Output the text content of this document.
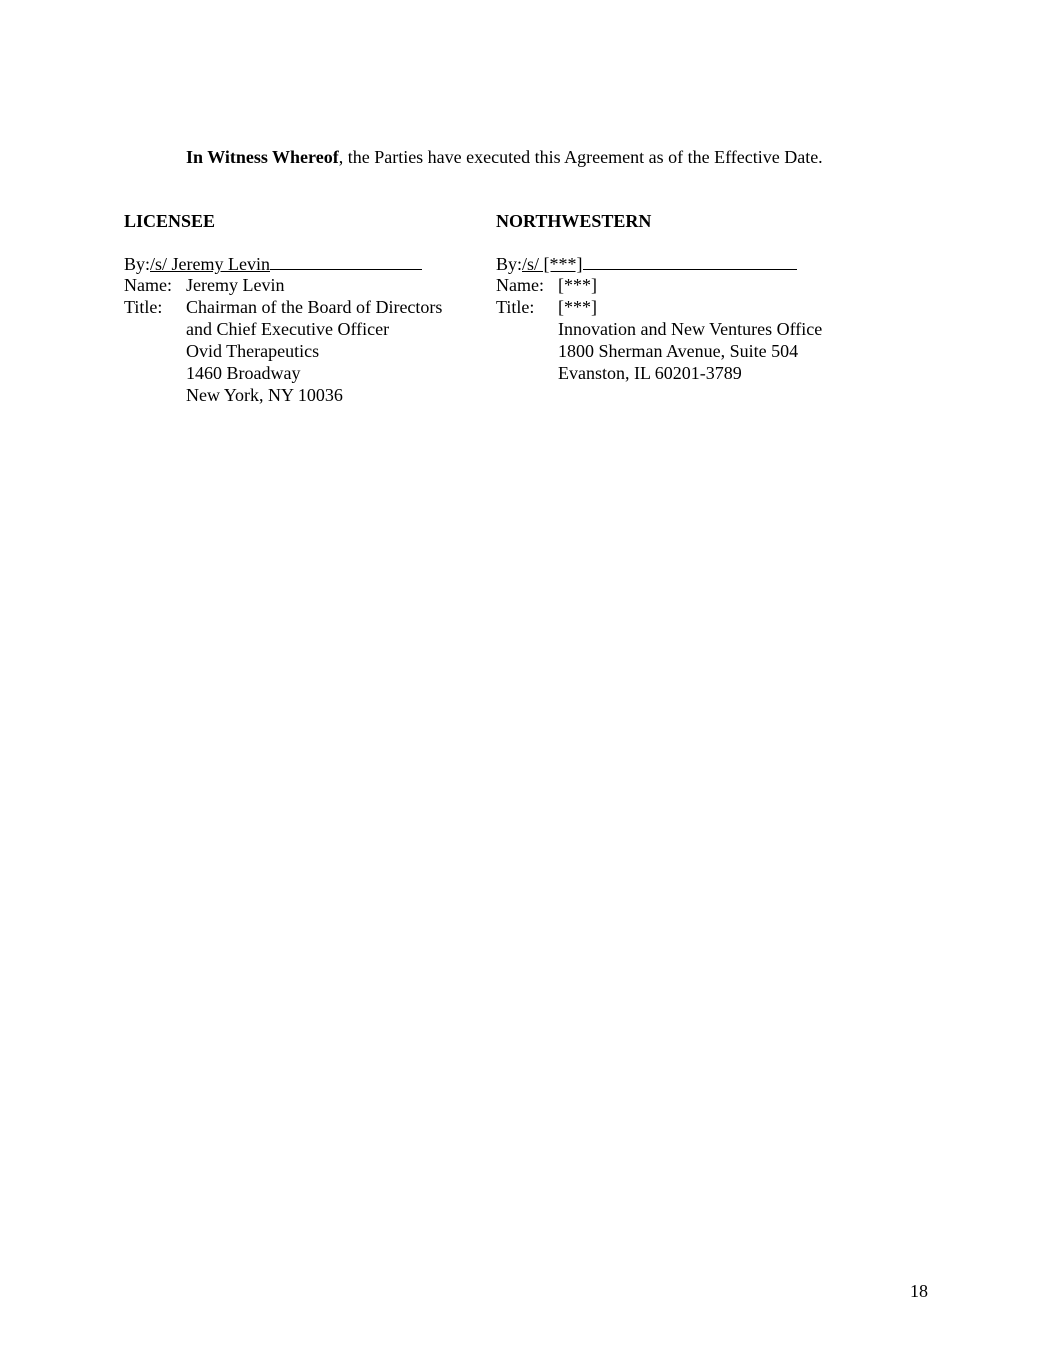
In Witness Whereof, the Parties have executed this Agreement as of the Effective Date.
LICENSEE
By:/s/ Jeremy Levin
Name: Jeremy Levin
Title: Chairman of the Board of Directors
and Chief Executive Officer
Ovid Therapeutics
1460 Broadway
New York, NY 10036
NORTHWESTERN
By:/s/ [***]
Name: [***]
Title: [***]
Innovation and New Ventures Office
1800 Sherman Avenue, Suite 504
Evanston, IL 60201-3789
18
